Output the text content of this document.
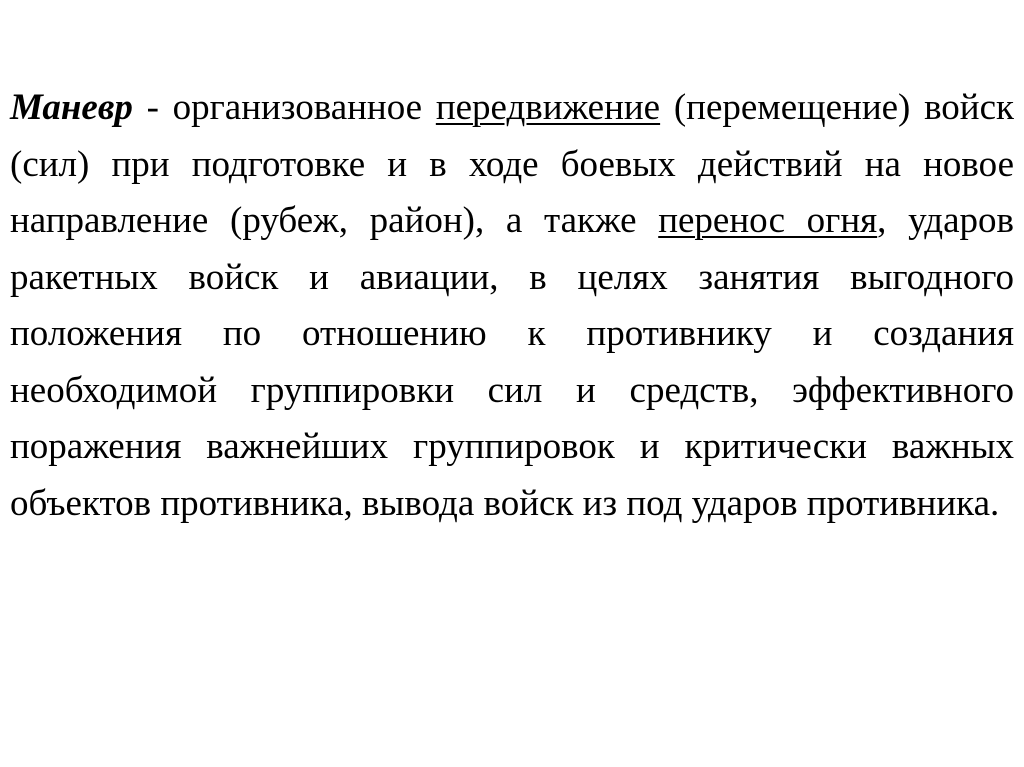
Маневр - организованное передвижение (перемещение) войск (сил) при подготовке и в ходе боевых действий на новое направление (рубеж, район), а также перенос огня, ударов ракетных войск и авиации, в целях занятия выгодного положения по отношению к противнику и создания необходимой группировки сил и средств, эффективного поражения важнейших группировок и критически важных объектов противника, вывода войск из под ударов противника.
